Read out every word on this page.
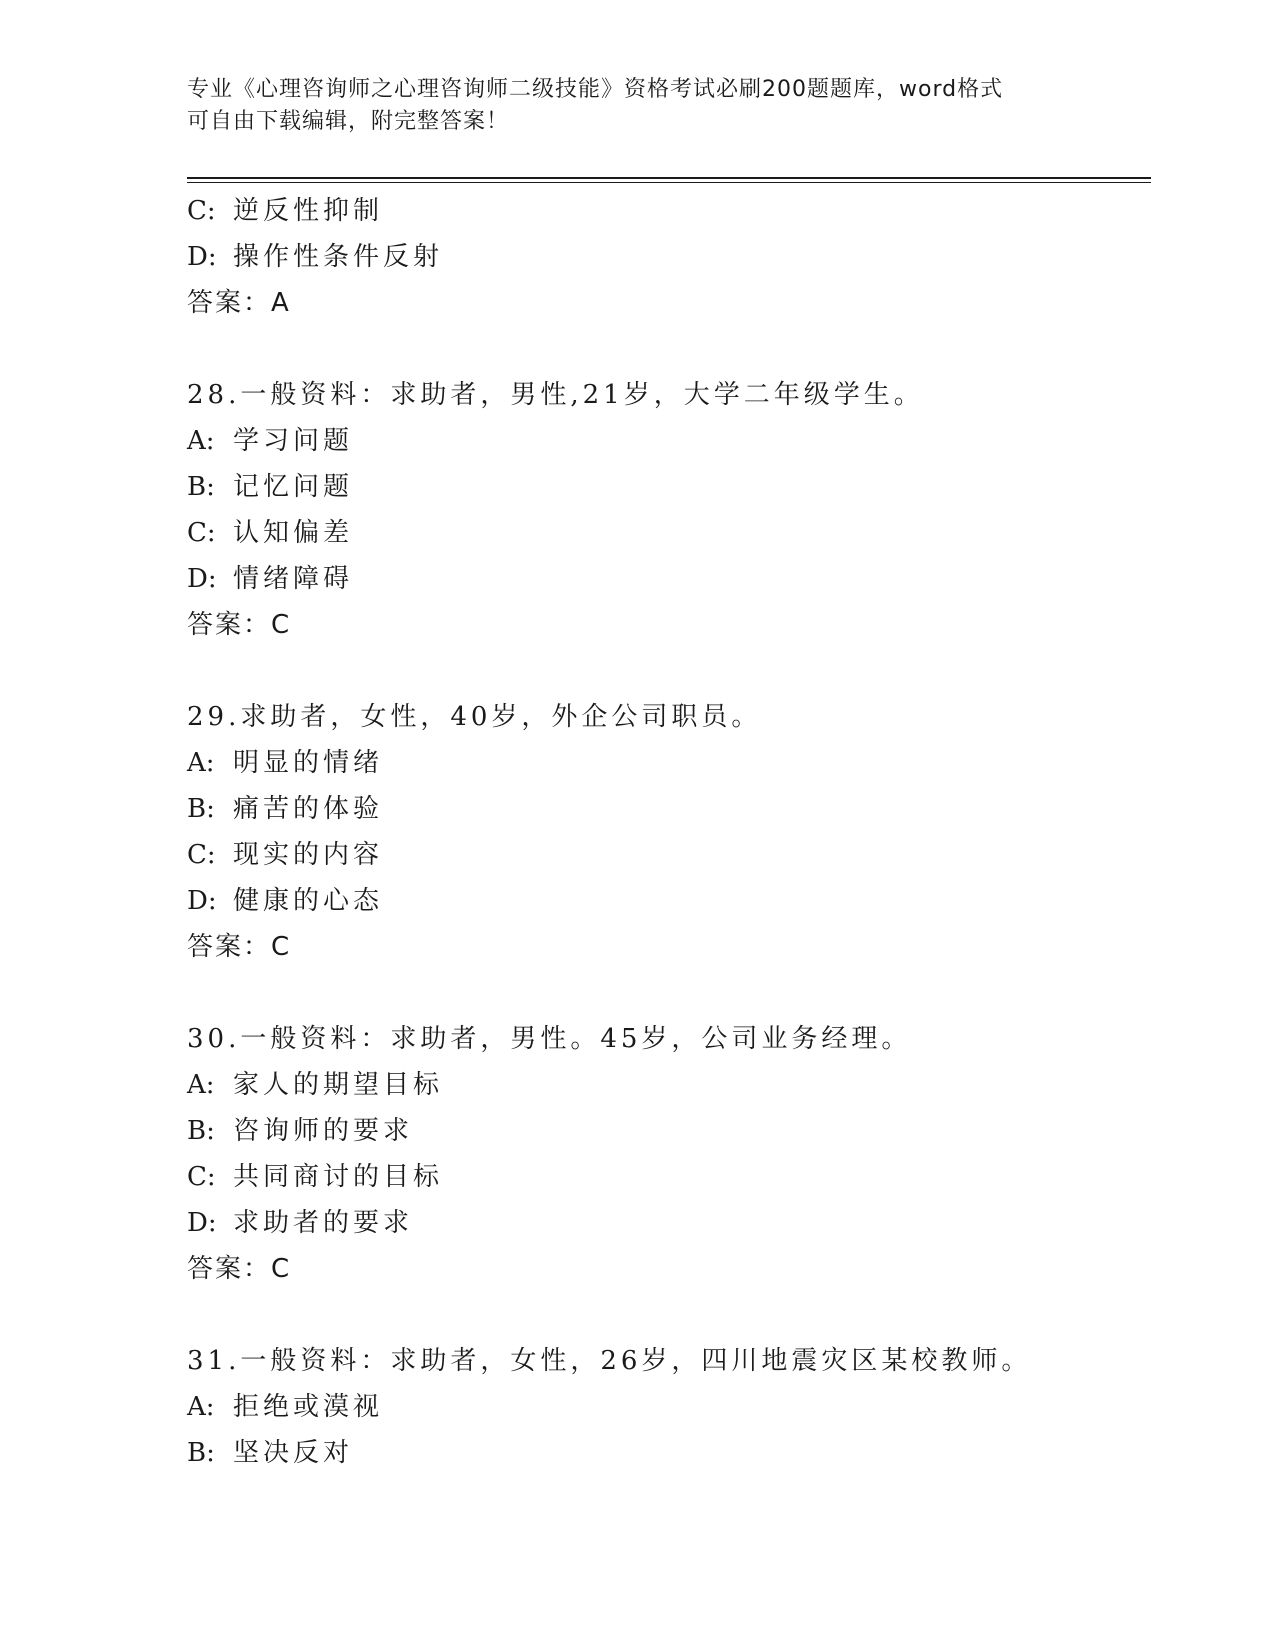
专业《心理咨询师之心理咨询师二级技能》资格考试必刷200题题库，word格式
可自由下载编辑，附完整答案！
C: 逆反性抑制
D: 操作性条件反射
答案：A
28.一般资料：求助者，男性,21岁，大学二年级学生。
A: 学习问题
B: 记忆问题
C: 认知偏差
D: 情绪障碍
答案：C
29.求助者，女性，40岁，外企公司职员。
A: 明显的情绪
B: 痛苦的体验
C: 现实的内容
D: 健康的心态
答案：C
30.一般资料：求助者，男性。45岁，公司业务经理。
A: 家人的期望目标
B: 咨询师的要求
C: 共同商讨的目标
D: 求助者的要求
答案：C
31.一般资料：求助者，女性，26岁，四川地震灾区某校教师。
A: 拒绝或漠视
B: 坚决反对
